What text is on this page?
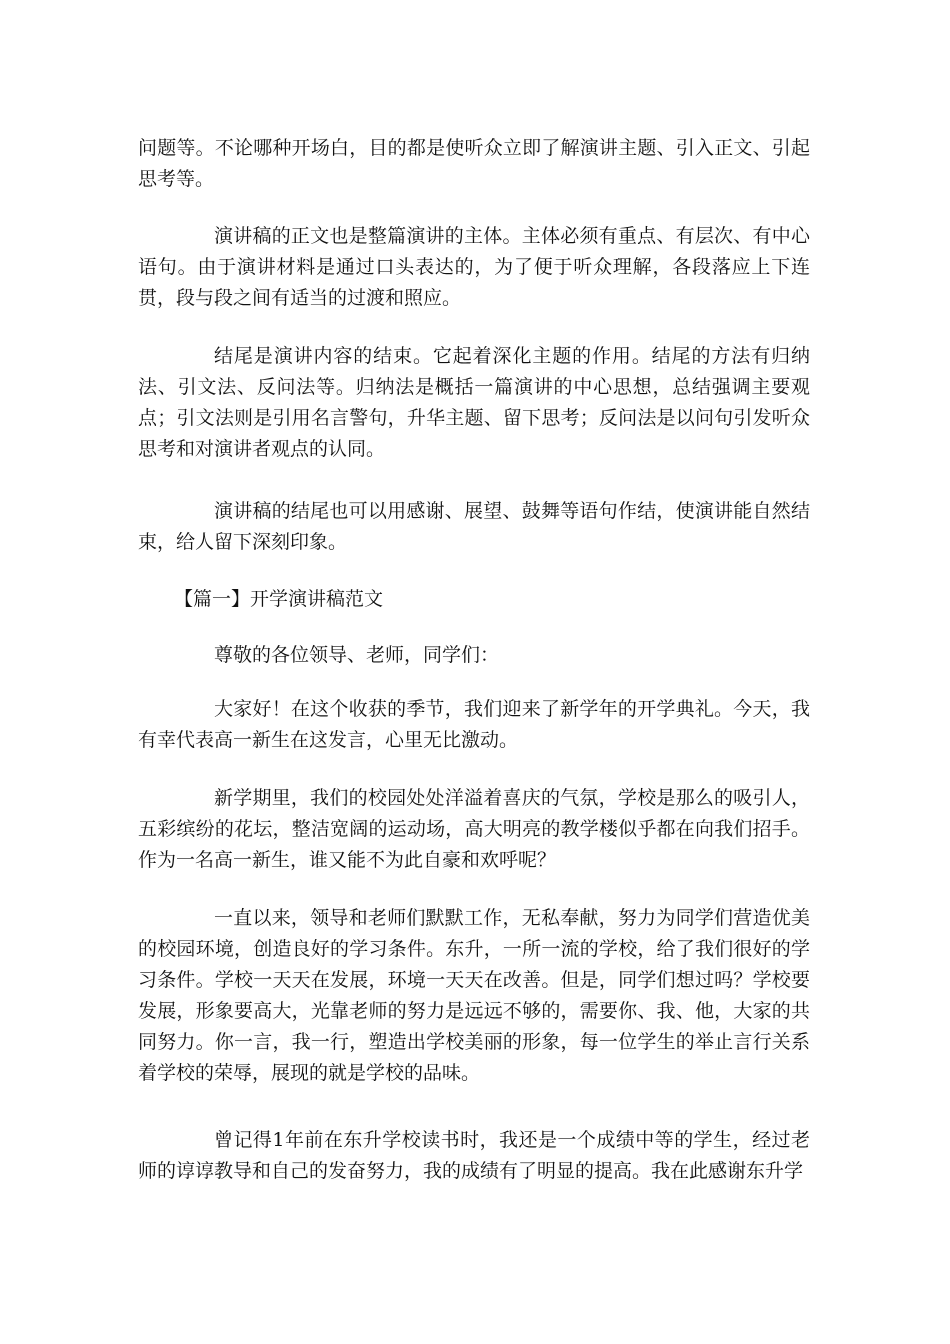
问题等。不论哪种开场白，目的都是使听众立即了解演讲主题、引入正文、引起思考等。

演讲稿的正文也是整篇演讲的主体。主体必须有重点、有层次、有中心语句。由于演讲材料是通过口头表达的，为了便于听众理解，各段落应上下连贯，段与段之间有适当的过渡和照应。

结尾是演讲内容的结束。它起着深化主题的作用。结尾的方法有归纳法、引文法、反问法等。归纳法是概括一篇演讲的中心思想，总结强调主要观点；引文法则是引用名言警句，升华主题、留下思考；反问法是以问句引发听众思考和对演讲者观点的认同。

演讲稿的结尾也可以用感谢、展望、鼓舞等语句作结，使演讲能自然结束，给人留下深刻印象。

【篇一】开学演讲稿范文

尊敬的各位领导、老师，同学们：

大家好！在这个收获的季节，我们迎来了新学年的开学典礼。今天，我有幸代表高一新生在这发言，心里无比激动。

新学期里，我们的校园处处洋溢着喜庆的气氛，学校是那么的吸引人，五彩缤纷的花坛，整洁宽阔的运动场，高大明亮的教学楼似乎都在向我们招手。作为一名高一新生，谁又能不为此自豪和欢呼呢？

一直以来，领导和老师们默默工作，无私奉献，努力为同学们营造优美的校园环境，创造良好的学习条件。东升，一所一流的学校，给了我们很好的学习条件。学校一天天在发展，环境一天天在改善。但是，同学们想过吗？学校要发展，形象要高大，光靠老师的努力是远远不够的，需要你、我、他，大家的共同努力。你一言，我一行，塑造出学校美丽的形象，每一位学生的举止言行关系着学校的荣辱，展现的就是学校的品味。

曾记得1年前在东升学校读书时，我还是一个成绩中等的学生，经过老师的谆谆教导和自己的发奋努力，我的成绩有了明显的提高。我在此感谢东升学
